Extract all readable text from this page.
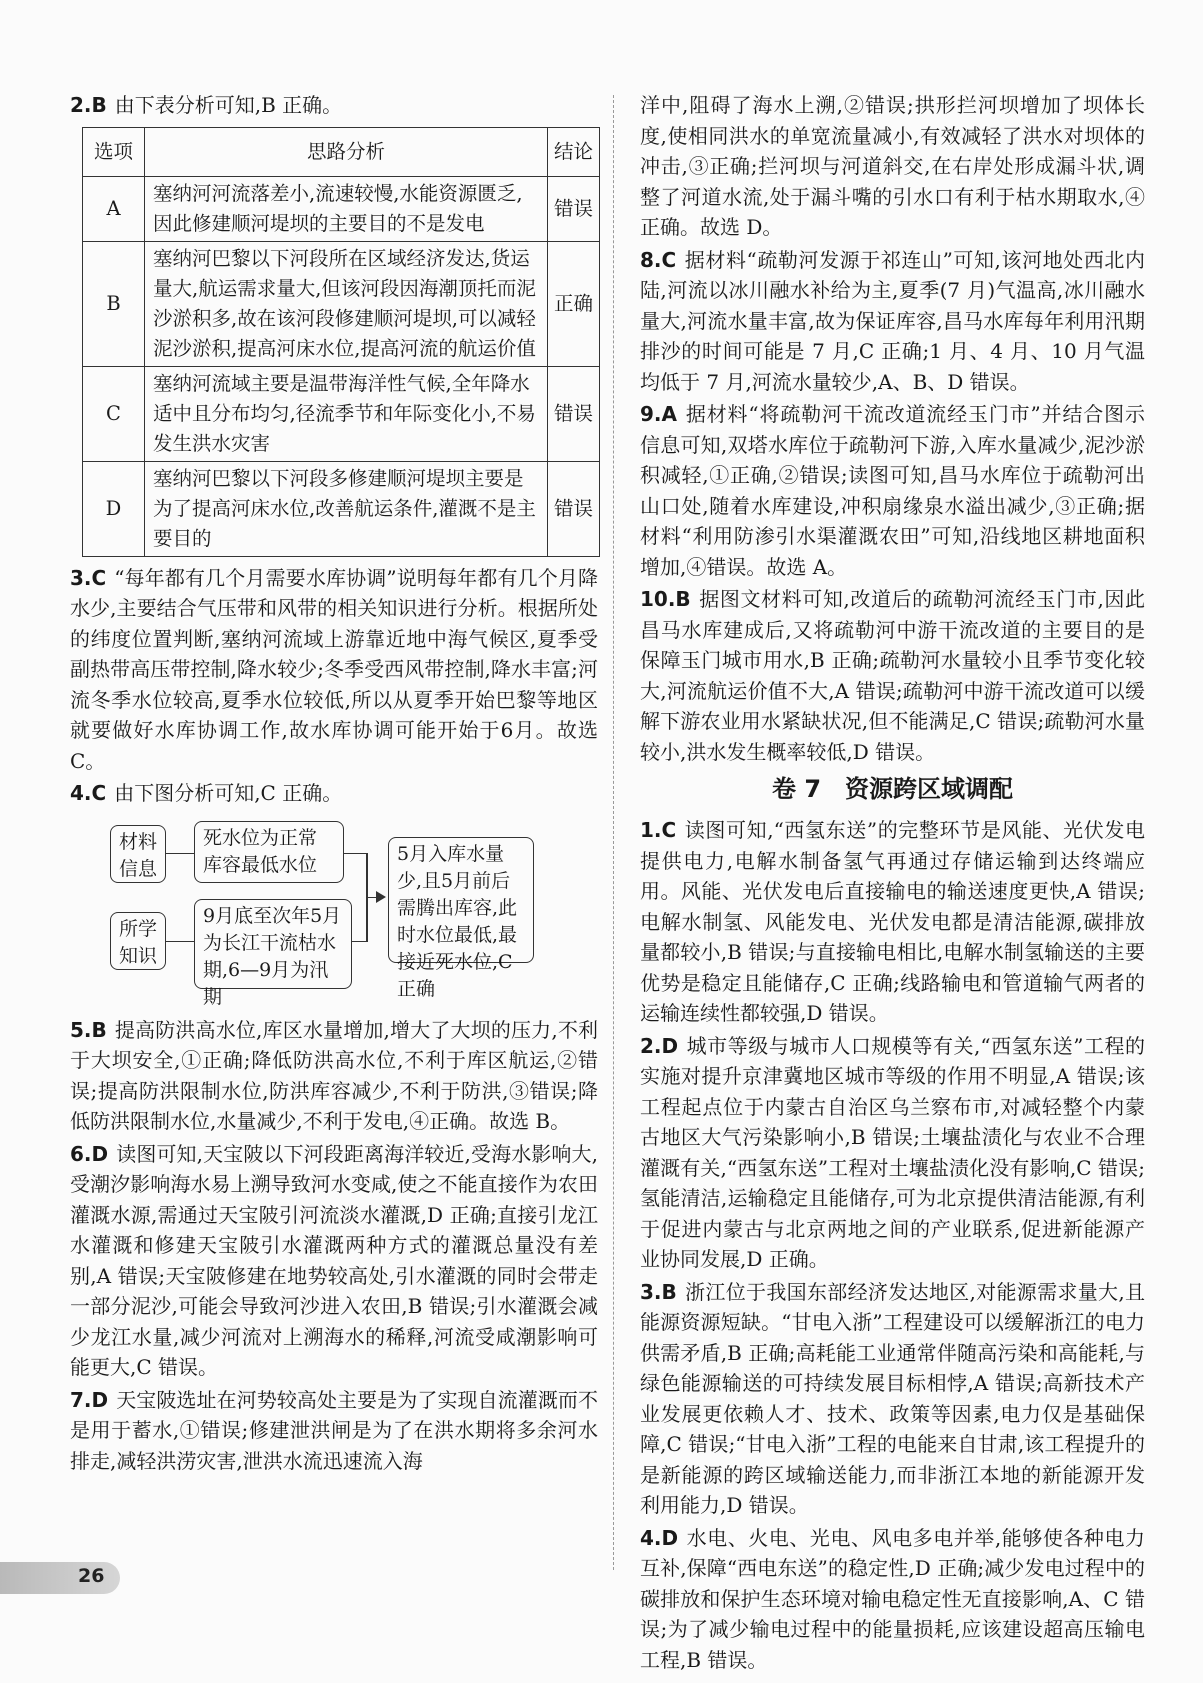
2.B 由下表分析可知,B 正确。

选项	思路分析	结论
A	塞纳河河流落差小,流速较慢,水能资源匮乏,因此修建顺河堤坝的主要目的不是发电	错误
B	塞纳河巴黎以下河段所在区域经济发达,货运量大,航运需求量大,但该河段因海潮顶托而泥沙淤积多,故在该河段修建顺河堤坝,可以减轻泥沙淤积,提高河床水位,提高河流的航运价值	正确
C	塞纳河流域主要是温带海洋性气候,全年降水适中且分布均匀,径流季节和年际变化小,不易发生洪水灾害	错误
D	塞纳河巴黎以下河段多修建顺河堤坝主要是为了提高河床水位,改善航运条件,灌溉不是主要目的	错误

3.C “每年都有几个月需要水库协调”说明每年都有几个月降水少,主要结合气压带和风带的相关知识进行分析。根据所处的纬度位置判断,塞纳河流域上游靠近地中海气候区,夏季受副热带高压带控制,降水较少;冬季受西风带控制,降水丰富;河流冬季水位较高,夏季水位较低,所以从夏季开始巴黎等地区就要做好水库协调工作,故水库协调可能开始于6月。故选 C。

4.C 由下图分析可知,C 正确。

材料信息
死水位为正常库容最低水位
所学知识
9月底至次年5月为长江干流枯水期,6—9月为汛期
5月入库水量少,且5月前后需腾出库容,此时水位最低,最接近死水位,C正确

5.B 提高防洪高水位,库区水量增加,增大了大坝的压力,不利于大坝安全,①正确;降低防洪高水位,不利于库区航运,②错误;提高防洪限制水位,防洪库容减少,不利于防洪,③错误;降低防洪限制水位,水量减少,不利于发电,④正确。故选 B。

6.D 读图可知,天宝陂以下河段距离海洋较近,受海水影响大,受潮汐影响海水易上溯导致河水变咸,使之不能直接作为农田灌溉水源,需通过天宝陂引河流淡水灌溉,D 正确;直接引龙江水灌溉和修建天宝陂引水灌溉两种方式的灌溉总量没有差别,A 错误;天宝陂修建在地势较高处,引水灌溉的同时会带走一部分泥沙,可能会导致河沙进入农田,B 错误;引水灌溉会减少龙江水量,减少河流对上溯海水的稀释,河流受咸潮影响可能更大,C 错误。

7.D 天宝陂选址在河势较高处主要是为了实现自流灌溉而不是用于蓄水,①错误;修建泄洪闸是为了在洪水期将多余河水排走,减轻洪涝灾害,泄洪水流迅速流入海

洋中,阻碍了海水上溯,②错误;拱形拦河坝增加了坝体长度,使相同洪水的单宽流量减小,有效减轻了洪水对坝体的冲击,③正确;拦河坝与河道斜交,在右岸处形成漏斗状,调整了河道水流,处于漏斗嘴的引水口有利于枯水期取水,④正确。故选 D。

8.C 据材料“疏勒河发源于祁连山”可知,该河地处西北内陆,河流以冰川融水补给为主,夏季(7 月)气温高,冰川融水量大,河流水量丰富,故为保证库容,昌马水库每年利用汛期排沙的时间可能是 7 月,C 正确;1 月、4 月、10 月气温均低于 7 月,河流水量较少,A、B、D 错误。

9.A 据材料“将疏勒河干流改道流经玉门市”并结合图示信息可知,双塔水库位于疏勒河下游,入库水量减少,泥沙淤积减轻,①正确,②错误;读图可知,昌马水库位于疏勒河出山口处,随着水库建设,冲积扇缘泉水溢出减少,③正确;据材料“利用防渗引水渠灌溉农田”可知,沿线地区耕地面积增加,④错误。故选 A。

10.B 据图文材料可知,改道后的疏勒河流经玉门市,因此昌马水库建成后,又将疏勒河中游干流改道的主要目的是保障玉门城市用水,B 正确;疏勒河水量较小且季节变化较大,河流航运价值不大,A 错误;疏勒河中游干流改道可以缓解下游农业用水紧缺状况,但不能满足,C 错误;疏勒河水量较小,洪水发生概率较低,D 错误。

卷 7　资源跨区域调配

1.C 读图可知,“西氢东送”的完整环节是风能、光伏发电提供电力,电解水制备氢气再通过存储运输到达终端应用。风能、光伏发电后直接输电的输送速度更快,A 错误;电解水制氢、风能发电、光伏发电都是清洁能源,碳排放量都较小,B 错误;与直接输电相比,电解水制氢输送的主要优势是稳定且能储存,C 正确;线路输电和管道输气两者的运输连续性都较强,D 错误。

2.D 城市等级与城市人口规模等有关,“西氢东送”工程的实施对提升京津冀地区城市等级的作用不明显,A 错误;该工程起点位于内蒙古自治区乌兰察布市,对减轻整个内蒙古地区大气污染影响小,B 错误;土壤盐渍化与农业不合理灌溉有关,“西氢东送”工程对土壤盐渍化没有影响,C 错误;氢能清洁,运输稳定且能储存,可为北京提供清洁能源,有利于促进内蒙古与北京两地之间的产业联系,促进新能源产业协同发展,D 正确。

3.B 浙江位于我国东部经济发达地区,对能源需求量大,且能源资源短缺。“甘电入浙”工程建设可以缓解浙江的电力供需矛盾,B 正确;高耗能工业通常伴随高污染和高能耗,与绿色能源输送的可持续发展目标相悖,A 错误;高新技术产业发展更依赖人才、技术、政策等因素,电力仅是基础保障,C 错误;“甘电入浙”工程的电能来自甘肃,该工程提升的是新能源的跨区域输送能力,而非浙江本地的新能源开发利用能力,D 错误。

4.D 水电、火电、光电、风电多电并举,能够使各种电力互补,保障“西电东送”的稳定性,D 正确;减少发电过程中的碳排放和保护生态环境对输电稳定性无直接影响,A、C 错误;为了减少输电过程中的能量损耗,应该建设超高压输电工程,B 错误。

26
